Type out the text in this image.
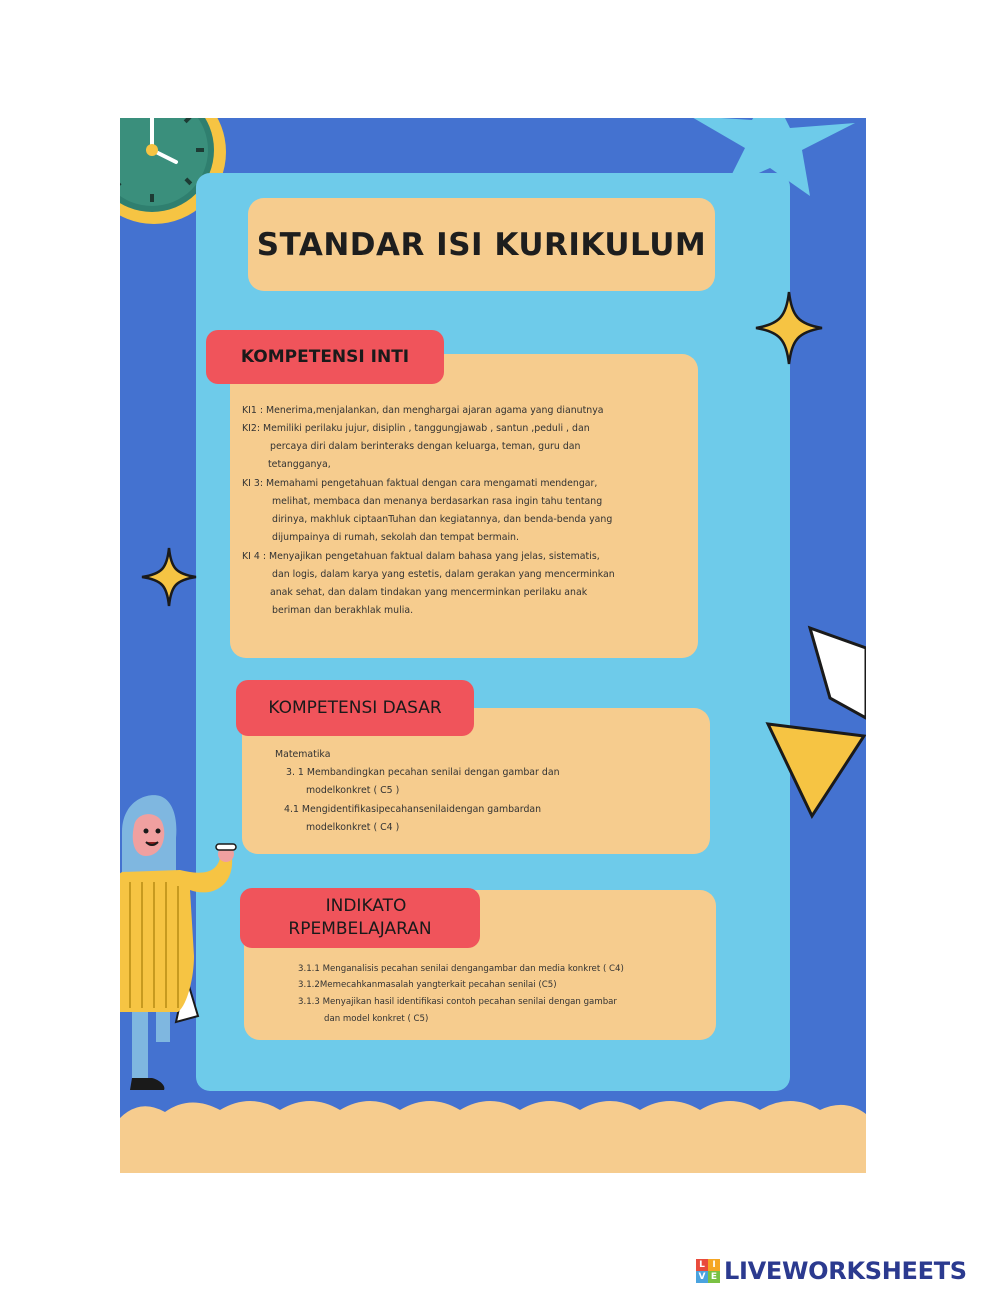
STANDAR ISI KURIKULUM
KOMPETENSI INTI
KI1 : Menerima,menjalankan, dan menghargai ajaran agama yang dianutnya
KI2: Memiliki perilaku jujur, disiplin , tanggungjawab , santun ,peduli , dan
percaya diri dalam berinteraks dengan keluarga, teman, guru dan
tetangganya,
KI 3: Memahami pengetahuan faktual dengan cara mengamati mendengar,
melihat, membaca dan menanya berdasarkan rasa ingin tahu tentang
dirinya, makhluk ciptaanTuhan dan kegiatannya, dan benda-benda yang
dijumpainya di rumah, sekolah dan tempat bermain.
KI 4 : Menyajikan pengetahuan faktual dalam bahasa yang jelas, sistematis,
dan logis, dalam karya yang estetis, dalam gerakan yang mencerminkan
anak sehat, dan dalam tindakan yang mencerminkan perilaku anak
beriman dan berakhlak mulia.
KOMPETENSI DASAR
Matematika
3. 1 Membandingkan pecahan senilai dengan gambar dan
modelkonkret ( C5 )
4.1 Mengidentifikasipecahansenilaidengan gambardan
modelkonkret ( C4 )
INDIKATO
RPEMBELAJARAN
3.1.1 Menganalisis pecahan senilai dengangambar dan media konkret ( C4)
3.1.2Memecahkanmasalah yangterkait pecahan senilai (C5)
3.1.3 Menyajikan hasil identifikasi contoh pecahan senilai dengan gambar
dan model konkret ( C5)
L I
V E LIVEWORKSHEETS
